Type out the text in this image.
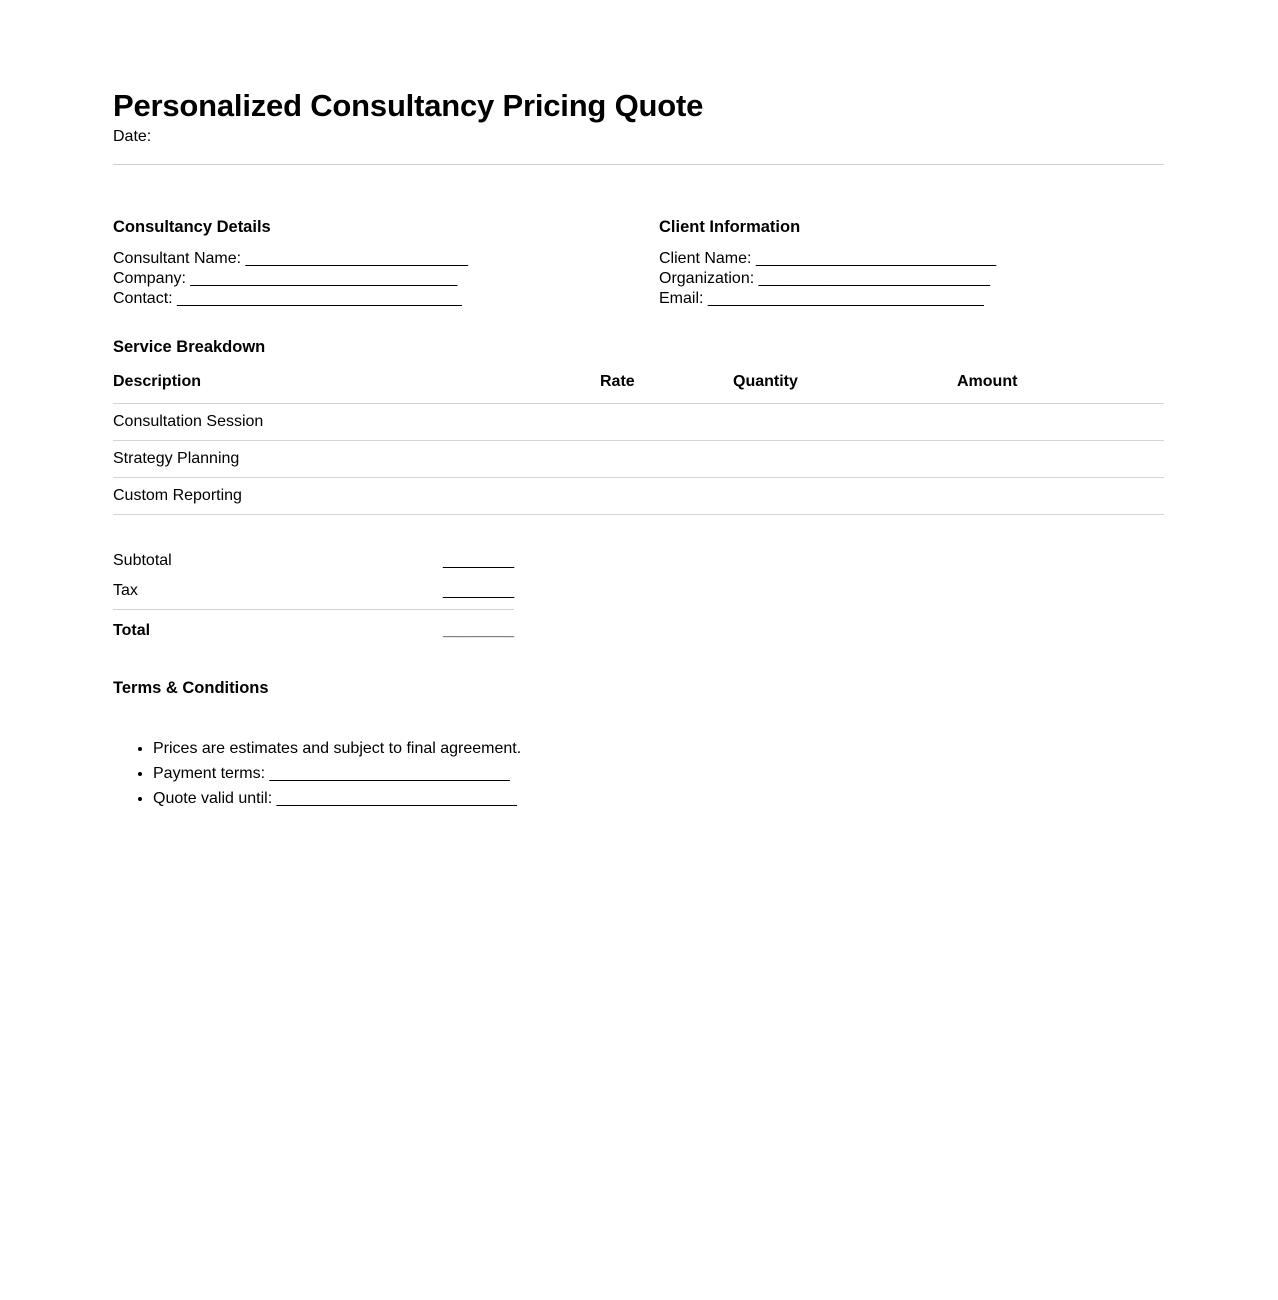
Personalized Consultancy Pricing Quote
Date:
Consultancy Details
Consultant Name: _________________________
Company: ______________________________
Contact: ________________________________
Client Information
Client Name: ___________________________
Organization: __________________________
Email: _______________________________
Service Breakdown
Description	Rate	Quantity	Amount
Consultation Session			
Strategy Planning			
Custom Reporting			
Subtotal	________
Tax	________
Total	________
Terms & Conditions
• Prices are estimates and subject to final agreement.
• Payment terms: ___________________________
• Quote valid until: ___________________________
